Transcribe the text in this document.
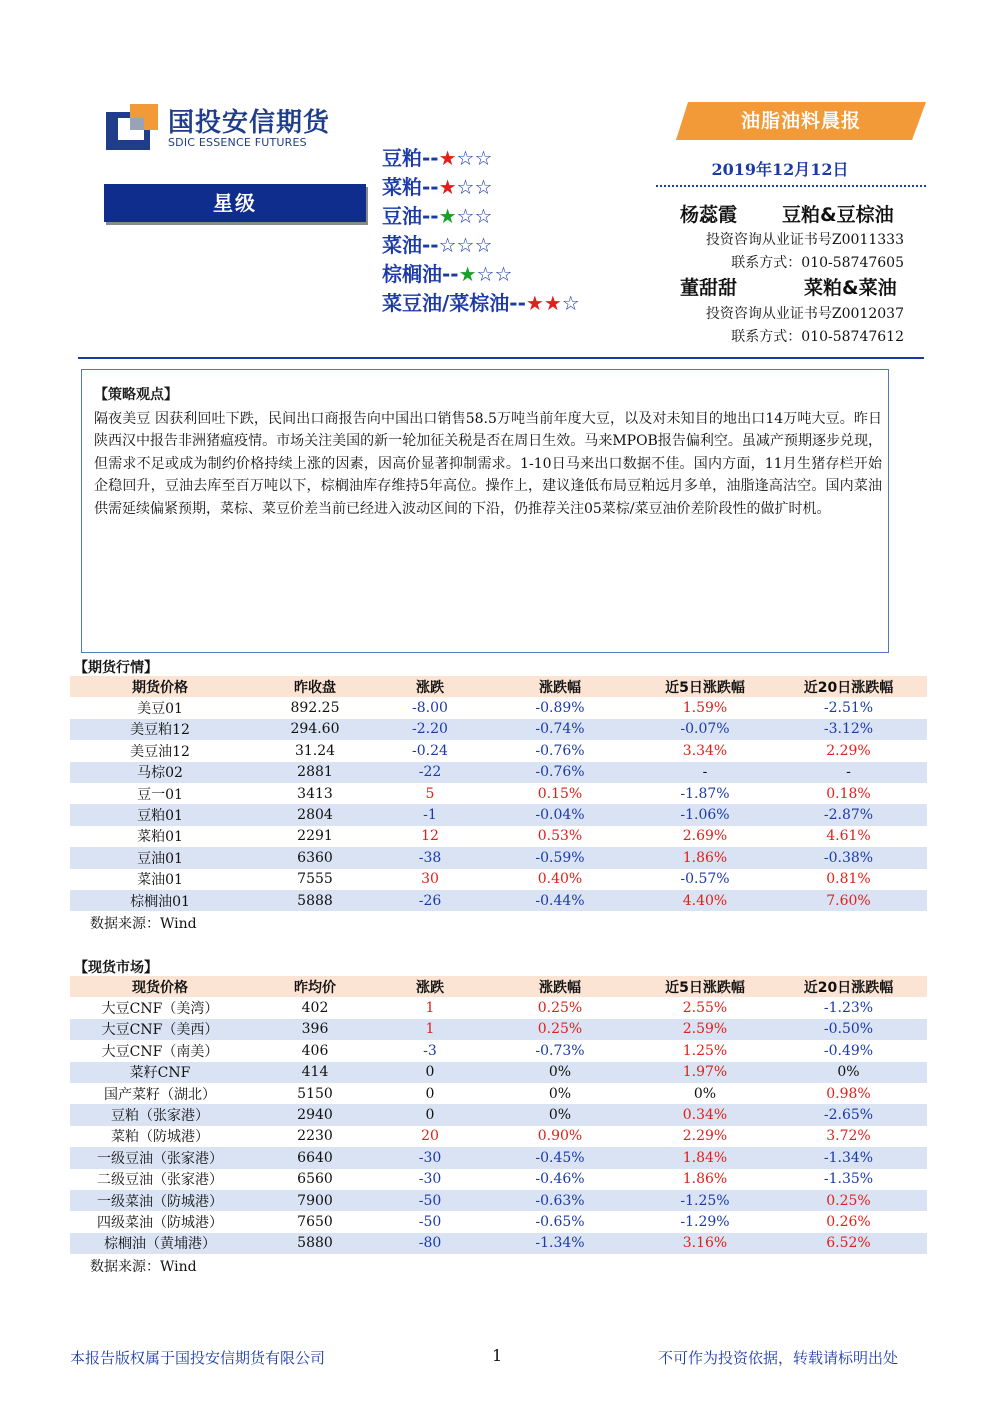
国投安信期货
SDIC ESSENCE FUTURES
星级
豆粕--★☆☆
菜粕--★☆☆
豆油--★☆☆
菜油--☆☆☆
棕榈油--★☆☆
菜豆油/菜棕油--★★☆
油脂油料晨报
2019年12月12日
杨蕊霞 豆粕&豆棕油
投资咨询从业证书号Z0011333
联系方式：010-58747605
董甜甜	菜粕&菜油
投资咨询从业证书号Z0012037
联系方式：010-58747612
【策略观点】
隔夜美豆 因获利回吐下跌，民间出口商报告向中国出口销售58.5万吨当前年度大豆，以及对未知目的地出口14万吨大豆。昨日陕西汉中报告非洲猪瘟疫情。市场关注美国的新一轮加征关税是否在周日生效。马来MPOB报告偏利空。虽减产预期逐步兑现，但需求不足或成为制约价格持续上涨的因素，因高价显著抑制需求。1-10日马来出口数据不佳。国内方面，11月生猪存栏开始企稳回升，豆油去库至百万吨以下，棕榈油库存维持5年高位。操作上，建议逢低布局豆粕远月多单，油脂逢高沽空。国内菜油供需延续偏紧预期，菜棕、菜豆价差当前已经进入波动区间的下沿，仍推荐关注05菜棕/菜豆油价差阶段性的做扩时机。
【期货行情】
期货价格	昨收盘	涨跌	涨跌幅	近5日涨跌幅	近20日涨跌幅
美豆01	892.25	-8.00	-0.89%	1.59%	-2.51%
美豆粕12	294.60	-2.20	-0.74%	-0.07%	-3.12%
美豆油12	31.24	-0.24	-0.76%	3.34%	2.29%
马棕02	2881	-22	-0.76%	-	-
豆一01	3413	5	0.15%	-1.87%	0.18%
豆粕01	2804	-1	-0.04%	-1.06%	-2.87%
菜粕01	2291	12	0.53%	2.69%	4.61%
豆油01	6360	-38	-0.59%	1.86%	-0.38%
菜油01	7555	30	0.40%	-0.57%	0.81%
棕榈油01	5888	-26	-0.44%	4.40%	7.60%
数据来源：Wind
【现货市场】
现货价格	昨均价	涨跌	涨跌幅	近5日涨跌幅	近20日涨跌幅
大豆CNF（美湾）	402	1	0.25%	2.55%	-1.23%
大豆CNF（美西）	396	1	0.25%	2.59%	-0.50%
大豆CNF（南美）	406	-3	-0.73%	1.25%	-0.49%
菜籽CNF	414	0	0%	1.97%	0%
国产菜籽（湖北）	5150	0	0%	0%	0.98%
豆粕（张家港）	2940	0	0%	0.34%	-2.65%
菜粕（防城港）	2230	20	0.90%	2.29%	3.72%
一级豆油（张家港）	6640	-30	-0.45%	1.84%	-1.34%
二级豆油（张家港）	6560	-30	-0.46%	1.86%	-1.35%
一级菜油（防城港）	7900	-50	-0.63%	-1.25%	0.25%
四级菜油（防城港）	7650	-50	-0.65%	-1.29%	0.26%
棕榈油（黄埔港）	5880	-80	-1.34%	3.16%	6.52%
数据来源：Wind
本报告版权属于国投安信期货有限公司	1	不可作为投资依据，转载请标明出处
